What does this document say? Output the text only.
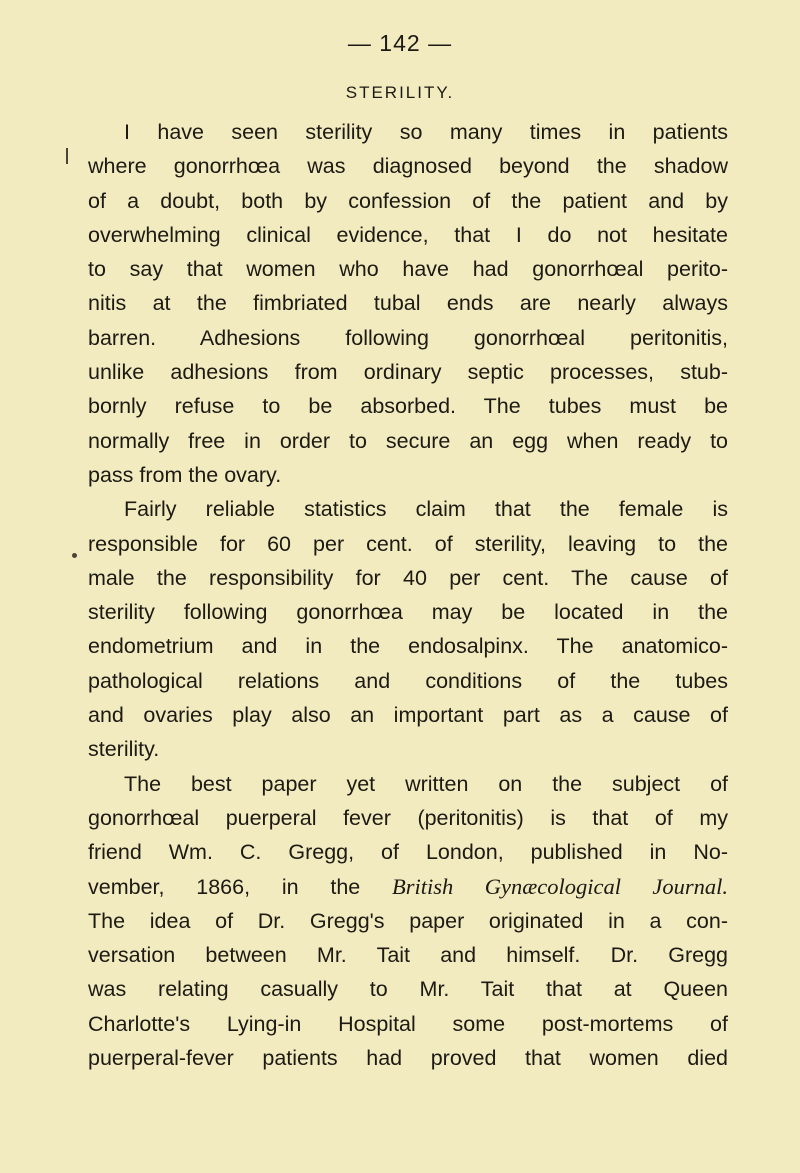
— 142 —
STERILITY.
I have seen sterility so many times in patients
where gonorrhœa was diagnosed beyond the shadow
of a doubt, both by confession of the patient and by
overwhelming clinical evidence, that I do not hesitate
to say that women who have had gonorrhœal perito-
nitis at the fimbriated tubal ends are nearly always
barren. Adhesions following gonorrhœal peritonitis,
unlike adhesions from ordinary septic processes, stub-
bornly refuse to be absorbed. The tubes must be
normally free in order to secure an egg when ready to
pass from the ovary.
Fairly reliable statistics claim that the female is
responsible for 60 per cent. of sterility, leaving to the
male the responsibility for 40 per cent. The cause of
sterility following gonorrhœa may be located in the
endometrium and in the endosalpinx. The anatomico-
pathological relations and conditions of the tubes
and ovaries play also an important part as a cause of
sterility.
The best paper yet written on the subject of
gonorrhœal puerperal fever (peritonitis) is that of my
friend Wm. C. Gregg, of London, published in No-
vember, 1866, in the British Gynæcological Journal.
The idea of Dr. Gregg's paper originated in a con-
versation between Mr. Tait and himself. Dr. Gregg
was relating casually to Mr. Tait that at Queen
Charlotte's Lying-in Hospital some post-mortems of
puerperal-fever patients had proved that women died
